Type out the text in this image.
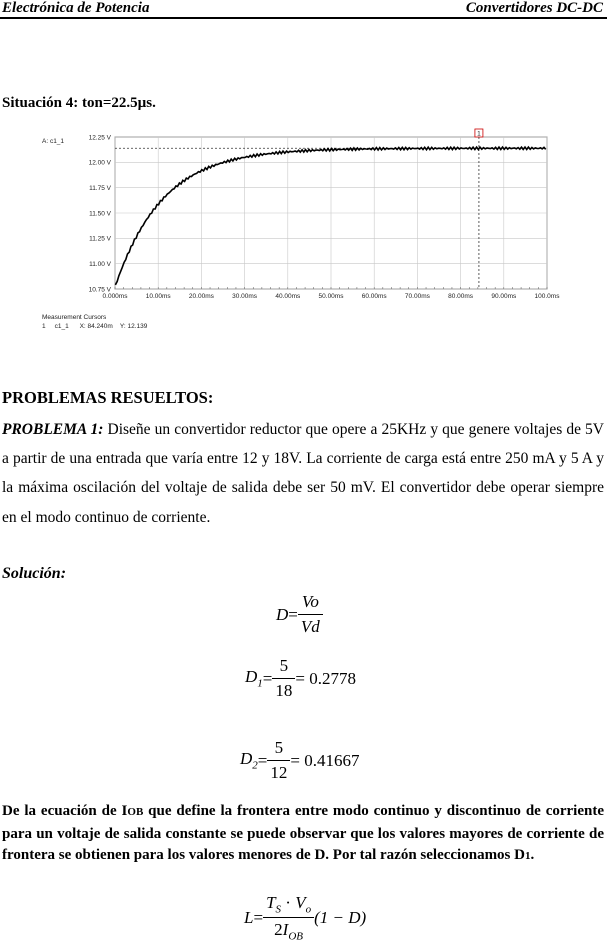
Electrónica de Potencia	Convertidores DC-DC
Situación 4: ton=22.5µs.
A: c1_1
12.25 V
12.00 V
11.75 V
11.50 V
11.25 V
11.00 V
10.75 V
0.000ms	10.00ms	20.00ms	30.00ms	40.00ms	50.00ms	60.00ms	70.00ms	80.00ms	90.00ms	100.0ms
1
Measurement Cursors
1     c1_1      X: 84.240m    Y: 12.139
PROBLEMAS RESUELTOS:
PROBLEMA 1: Diseñe un convertidor reductor que opere a 25KHz y que genere voltajes de 5V a partir de una entrada que varía entre 12 y 18V. La corriente de carga está entre 250 mA y 5 A y la máxima oscilación del voltaje de salida debe ser 50 mV. El convertidor debe operar siempre en el modo continuo de corriente.
Solución:
$D= \frac{Vo}{Vd}$
$D_1= \frac{5}{18} = 0.2778$
$D_2= \frac{5}{12} = 0.41667$
De la ecuación de IOB que define la frontera entre modo continuo y discontinuo de corriente para un voltaje de salida constante se puede observar que los valores mayores de corriente de frontera se obtienen para los valores menores de D. Por tal razón seleccionamos D1.
L=
$T_S \cdot V_o$
$2I_{OB}$
(1 − D)
